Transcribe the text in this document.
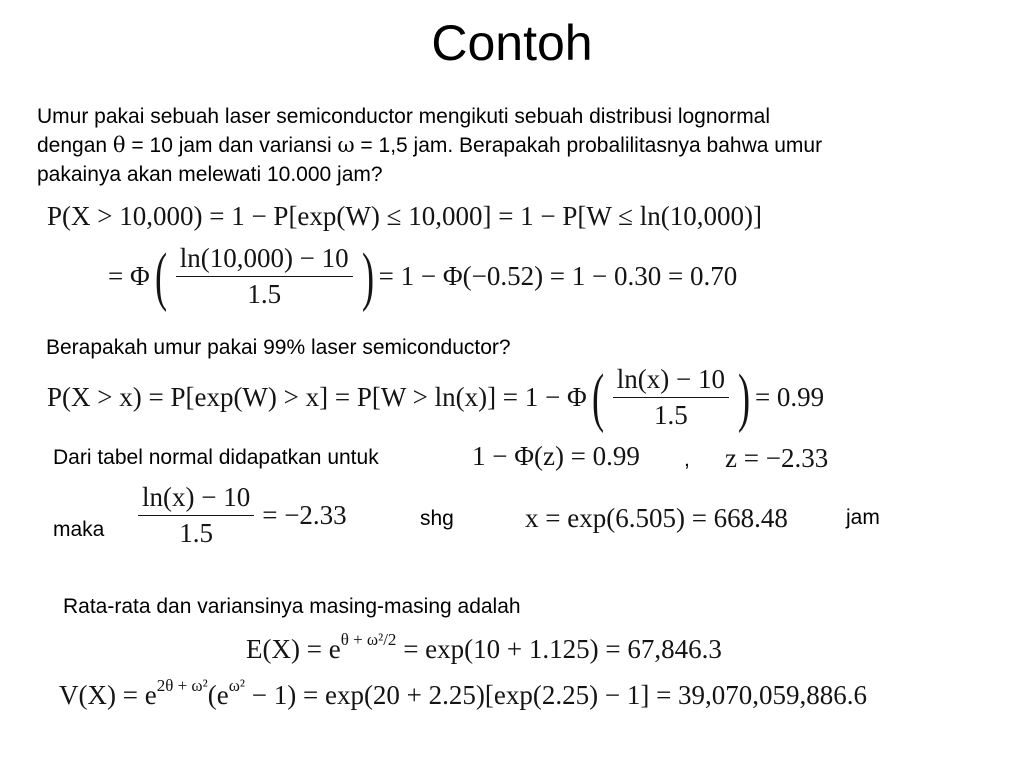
Contoh
Umur pakai sebuah laser semiconductor mengikuti sebuah distribusi lognormal
dengan θ = 10 jam dan variansi ω = 1,5 jam. Berapakah probalilitasnya bahwa umur
pakainya akan melewati 10.000 jam?
P(X > 10,000) = 1 − P[exp(W) ≤ 10,000] = 1 − P[W ≤ ln(10,000)]
= Φ ( $\frac{\ln(10,000) - 10}{1.5}$ ) = 1 − Φ(−0.52) = 1 − 0.30 = 0.70
Berapakah umur pakai 99% laser semiconductor?
P(X > x) = P[exp(W) > x] = P[W > ln(x)] = 1 − Φ ( $\frac{\ln(x) - 10}{1.5}$ ) = 0.99
Dari tabel normal didapatkan untuk	1 − Φ(z) = 0.99 , z = −2.33
maka $\frac{\ln(x) - 10}{1.5} = -2.33$	shg	x = exp(6.505) = 668.48	jam
Rata-rata dan variansinya masing-masing adalah
$E(X) = e^{\theta + \omega^2/2} = \exp(10 + 1.125) = 67,846.3$
$V(X) = e^{2\theta + \omega^2}(e^{\omega^2} - 1) = \exp(20 + 2.25)[\exp(2.25) - 1] = 39,070,059,886.6$
